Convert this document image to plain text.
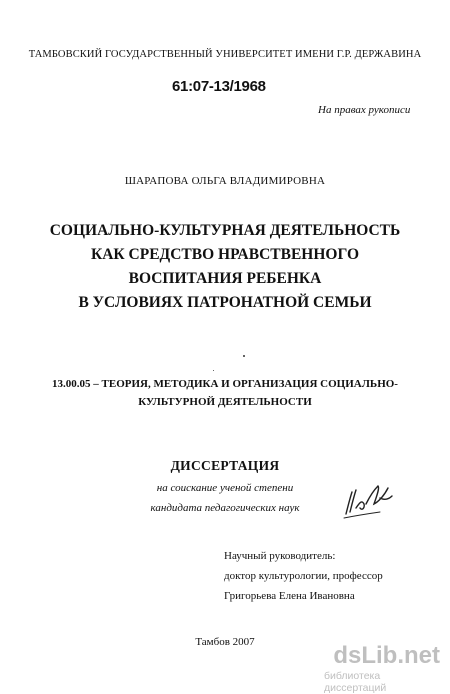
ТАМБОВСКИЙ ГОСУДАРСТВЕННЫЙ УНИВЕРСИТЕТ ИМЕНИ Г.Р. ДЕРЖАВИНА
61:07-13/1968
На правах рукописи
ШАРАПОВА ОЛЬГА ВЛАДИМИРОВНА
СОЦИАЛЬНО-КУЛЬТУРНАЯ ДЕЯТЕЛЬНОСТЬ
КАК СРЕДСТВО НРАВСТВЕННОГО
ВОСПИТАНИЯ РЕБЕНКА
В УСЛОВИЯХ ПАТРОНАТНОЙ СЕМЬИ
13.00.05 – ТЕОРИЯ, МЕТОДИКА И ОРГАНИЗАЦИЯ СОЦИАЛЬНО-
КУЛЬТУРНОЙ ДЕЯТЕЛЬНОСТИ
ДИССЕРТАЦИЯ
на соискание ученой степени
кандидата педагогических наук
Научный руководитель:
доктор культурологии, профессор
Григорьева Елена Ивановна
Тамбов 2007	dsLib.net
библиотека диссертаций
